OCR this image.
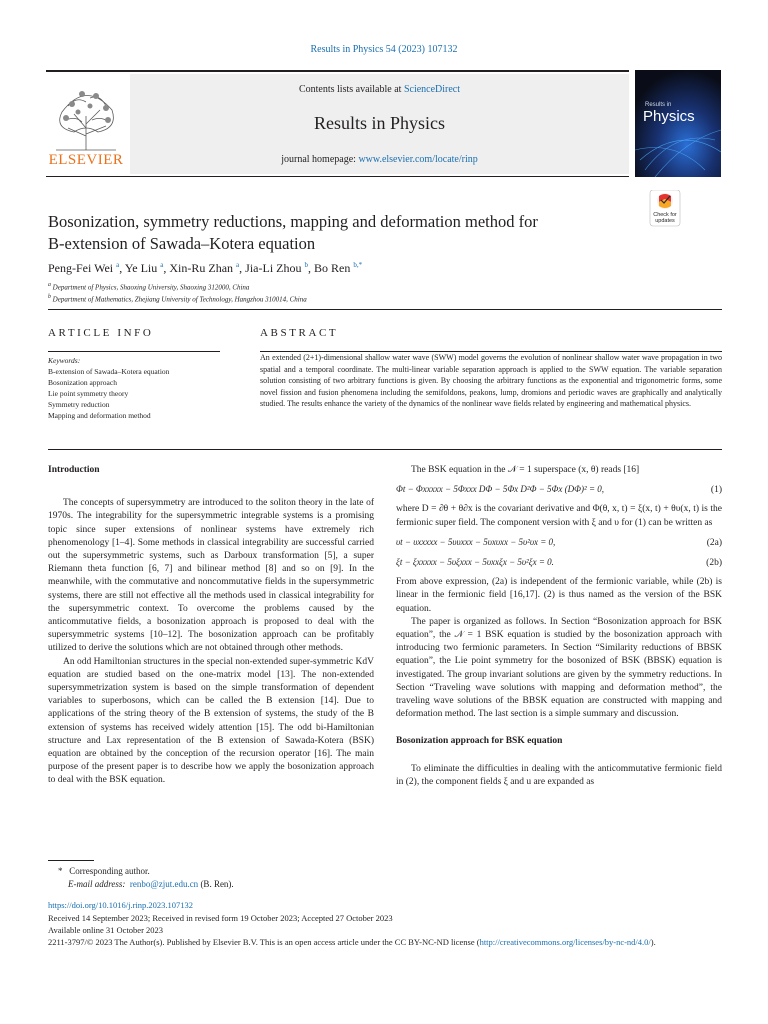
Results in Physics 54 (2023) 107132
ELSEVIER
Contents lists available at ScienceDirect
Results in Physics
journal homepage: www.elsevier.com/locate/rinp
Results in
Physics
Check for
updates
Bosonization, symmetry reductions, mapping and deformation method for
B-extension of Sawada–Kotera equation
Peng-Fei Wei $^a$, Ye Liu $^a$, Xin-Ru Zhan $^a$, Jia-Li Zhou $^b$, Bo Ren $^{b,*}$
$^a$ Department of Physics, Shaoxing University, Shaoxing 312000, China
$^b$ Department of Mathematics, Zhejiang University of Technology, Hangzhou 310014, China
ARTICLE INFO	ABSTRACT
Keywords:
B-extension of Sawada–Kotera equation
Bosonization approach
Lie point symmetry theory
Symmetry reduction
Mapping and deformation method
An extended (2+1)-dimensional shallow water wave (SWW) model governs the evolution of nonlinear shallow water wave propagation in two spatial and a temporal coordinate. The multi-linear variable separation approach is applied to the SWW equation. The variable separation solution consisting of two arbitrary functions is given. By choosing the arbitrary functions as the exponential and trigonometric forms, some novel fission and fusion phenomena including the semifoldons, peakons, lump, dromions and periodic waves are graphically and analytically studied. The results enhance the variety of the dynamics of the nonlinear wave fields related by engineering and mathematical physics.

Introduction

The concepts of supersymmetry are introduced to the soliton theory in the late of 1970s. The integrability for the supersymmetric integrable systems is a promising topic since super extensions of nonlinear systems have extremely rich phenomenology [1–4]. Some methods in classical integrability are successful carried out the supersymmetric systems, such as Darboux transformation [5], a super Riemann theta function [6, 7] and bilinear method [8] and so on [9]. In the meanwhile, with the commutative and noncommutative fields in the supersymmetric systems, there are still not effective all the methods used in classical integrability for the supersymmetric context. To overcome the problems caused by the anticommutative fields, a bosonization approach is proposed to deal with the supersymmetric systems [10–12]. The bosonization approach can be profitably utilized to derive the solutions which are not obtained through other methods.

An odd Hamiltonian structures in the special non-extended super-symmetric KdV equation are studied based on the one-matrix model [13]. The non-extended supersymmetrization system is based on the simple transformation of dependent variables to superbosons, which can be called the B extension [14]. Due to applications of the string theory of the B extension of systems, the study of the B extension of systems has received widely attention [15]. The odd bi-Hamiltonian structure and Lax representation of the B extension of Sawada-Kotera (BSK) equation are obtained by the conception of the recursion operator [16]. The main purpose of the present paper is to describe how we apply the bosonization approach to deal with the BSK equation.

The BSK equation in the 𝒩 = 1 superspace (x, θ) reads [16]

Φt − Φxxxxx − 5Φxxx DΦ − 5Φx D²Φ − 5Φx (DΦ)² = 0,	(1)

where D = ∂θ + θ∂x is the covariant derivative and Φ(θ, x, t) = ξ(x, t) + θυ(x, t) is the fermionic super field. The component version with ξ and υ for (1) can be written as

υt − υxxxxx − 5υυxxx − 5υxυxx − 5υ²υx = 0,	(2a)
ξt − ξxxxxx − 5υξxxx − 5υxxξx − 5υ²ξx = 0.	(2b)

From above expression, (2a) is independent of the fermionic variable, while (2b) is linear in the fermionic field [16,17]. (2) is thus named as the version of the BSK equation.

The paper is organized as follows. In Section “Bosonization approach for BSK equation”, the 𝒩 = 1 BSK equation is studied by the bosonization approach with introducing two fermionic parameters. In Section “Similarity reductions of BBSK equation”, the Lie point symmetry for the bosonized of BSK (BBSK) equation is investigated. The group invariant solutions are given by the symmetry reductions. In Section “Traveling wave solutions with mapping and deformation method”, the traveling wave solutions of the BBSK equation are constructed with mapping and deformation method. The last section is a simple summary and discussion.

Bosonization approach for BSK equation

To eliminate the difficulties in dealing with the anticommutative fermionic field in (2), the component fields ξ and u are expanded as

* Corresponding author.
E-mail address: renbo@zjut.edu.cn (B. Ren).
https://doi.org/10.1016/j.rinp.2023.107132
Received 14 September 2023; Received in revised form 19 October 2023; Accepted 27 October 2023
Available online 31 October 2023
2211-3797/© 2023 The Author(s). Published by Elsevier B.V. This is an open access article under the CC BY-NC-ND license (http://creativecommons.org/licenses/by-nc-nd/4.0/).
